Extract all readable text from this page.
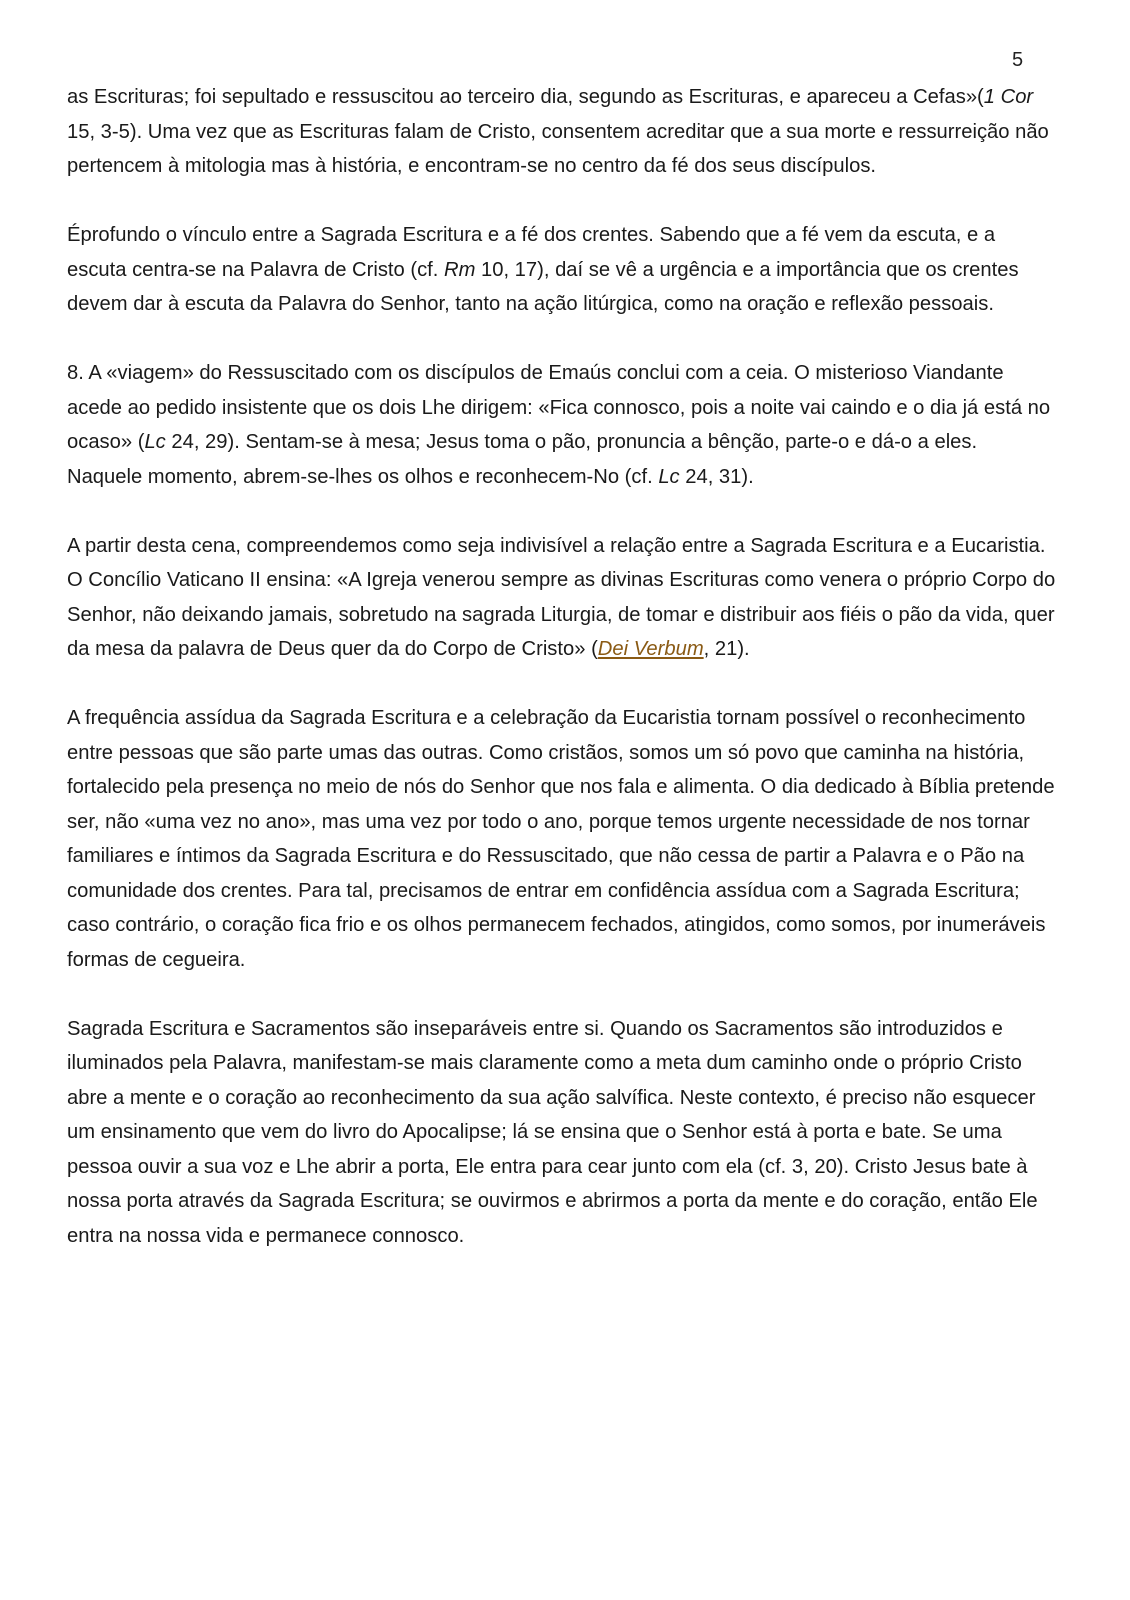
5

as Escrituras; foi sepultado e ressuscitou ao terceiro dia, segundo as Escrituras, e apareceu a Cefas»(1 Cor 15, 3-5). Uma vez que as Escrituras falam de Cristo, consentem acreditar que a sua morte e ressurreição não pertencem à mitologia mas à história, e encontram-se no centro da fé dos seus discípulos.

Éprofundo o vínculo entre a Sagrada Escritura e a fé dos crentes. Sabendo que a fé vem da escuta, e a escuta centra-se na Palavra de Cristo (cf. Rm 10, 17), daí se vê a urgência e a importância que os crentes devem dar à escuta da Palavra do Senhor, tanto na ação litúrgica, como na oração e reflexão pessoais.

8. A «viagem» do Ressuscitado com os discípulos de Emaús conclui com a ceia. O misterioso Viandante acede ao pedido insistente que os dois Lhe dirigem: «Fica connosco, pois a noite vai caindo e o dia já está no ocaso» (Lc 24, 29). Sentam-se à mesa; Jesus toma o pão, pronuncia a bênção, parte-o e dá-o a eles. Naquele momento, abrem-se-lhes os olhos e reconhecem-No (cf. Lc 24, 31).

A partir desta cena, compreendemos como seja indivisível a relação entre a Sagrada Escritura e a Eucaristia. O Concílio Vaticano II ensina: «A Igreja venerou sempre as divinas Escrituras como venera o próprio Corpo do Senhor, não deixando jamais, sobretudo na sagrada Liturgia, de tomar e distribuir aos fiéis o pão da vida, quer da mesa da palavra de Deus quer da do Corpo de Cristo» (Dei Verbum, 21).

A frequência assídua da Sagrada Escritura e a celebração da Eucaristia tornam possível o reconhecimento entre pessoas que são parte umas das outras. Como cristãos, somos um só povo que caminha na história, fortalecido pela presença no meio de nós do Senhor que nos fala e alimenta. O dia dedicado à Bíblia pretende ser, não «uma vez no ano», mas uma vez por todo o ano, porque temos urgente necessidade de nos tornar familiares e íntimos da Sagrada Escritura e do Ressuscitado, que não cessa de partir a Palavra e o Pão na comunidade dos crentes. Para tal, precisamos de entrar em confidência assídua com a Sagrada Escritura; caso contrário, o coração fica frio e os olhos permanecem fechados, atingidos, como somos, por inumeráveis formas de cegueira.

Sagrada Escritura e Sacramentos são inseparáveis entre si. Quando os Sacramentos são introduzidos e iluminados pela Palavra, manifestam-se mais claramente como a meta dum caminho onde o próprio Cristo abre a mente e o coração ao reconhecimento da sua ação salvífica. Neste contexto, é preciso não esquecer um ensinamento que vem do livro do Apocalipse; lá se ensina que o Senhor está à porta e bate. Se uma pessoa ouvir a sua voz e Lhe abrir a porta, Ele entra para cear junto com ela (cf. 3, 20). Cristo Jesus bate à nossa porta através da Sagrada Escritura; se ouvirmos e abrirmos a porta da mente e do coração, então Ele entra na nossa vida e permanece connosco.
